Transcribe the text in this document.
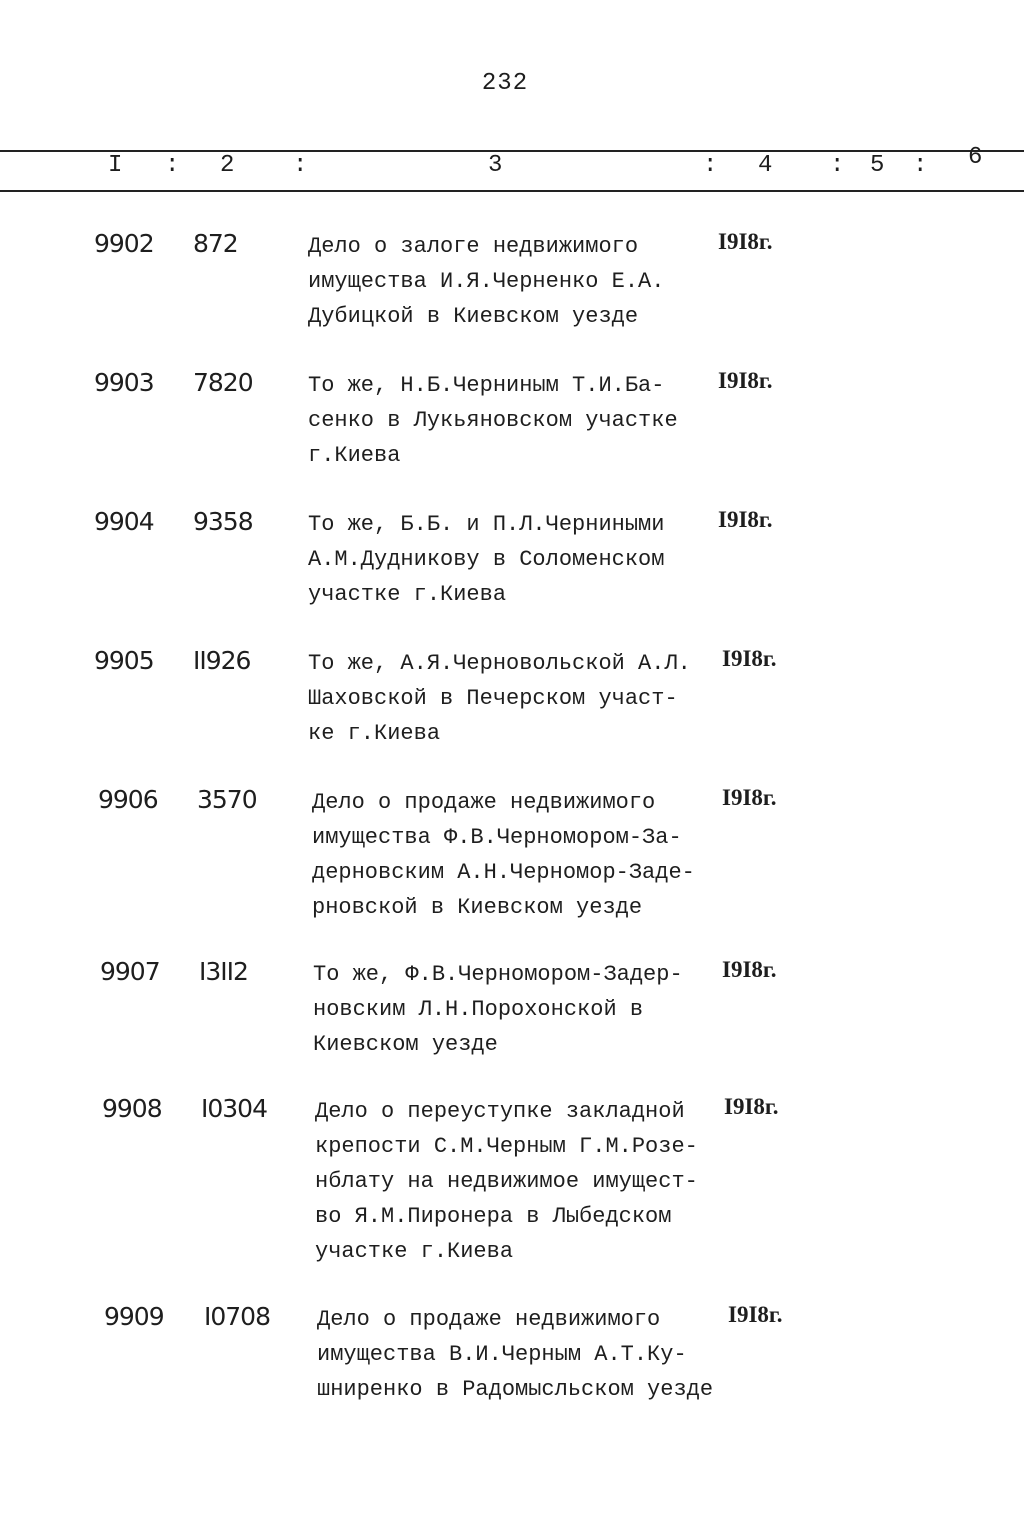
232
I : 2 :	3	: 4 : 5 : 6
9902 872	Дело о залоге недвижимого
имущества И.Я.Черненко Е.А.
Дубицкой в Киевском уезде
I9I8г.
9903 7820	То же, Н.Б.Черниным Т.И.Ба-
сенко в Лукьяновском участке
г.Киева
I9I8г.
9904 9358	То же, Б.Б. и П.Л.Черниными
А.М.Дудникову в Соломенском
участке г.Киева
I9I8г.
9905 II926	То же, А.Я.Черновольской А.Л.
Шаховской в Печерском участ-
ке г.Киева
I9I8г.
9906 3570	Дело о продаже недвижимого
имущества Ф.В.Черномором-За-
дерновским А.Н.Черномор-Заде-
рновской в Киевском уезде
I9I8г.
9907 I3II2	То же, Ф.В.Черномором-Задер-
новским Л.Н.Порохонской в
Киевском уезде
I9I8г.
9908 I0304 Дело о переуступке закладной
крепости С.М.Черным Г.М.Розе-
нблату на недвижимое имущест-
во Я.М.Пиронера в Лыбедском
участке г.Киева
I9I8г.
9909 I0708 Дело о продаже недвижимого
имущества В.И.Черным А.Т.Ку-
шниренко в Радомысльском уезде
I9I8г.
